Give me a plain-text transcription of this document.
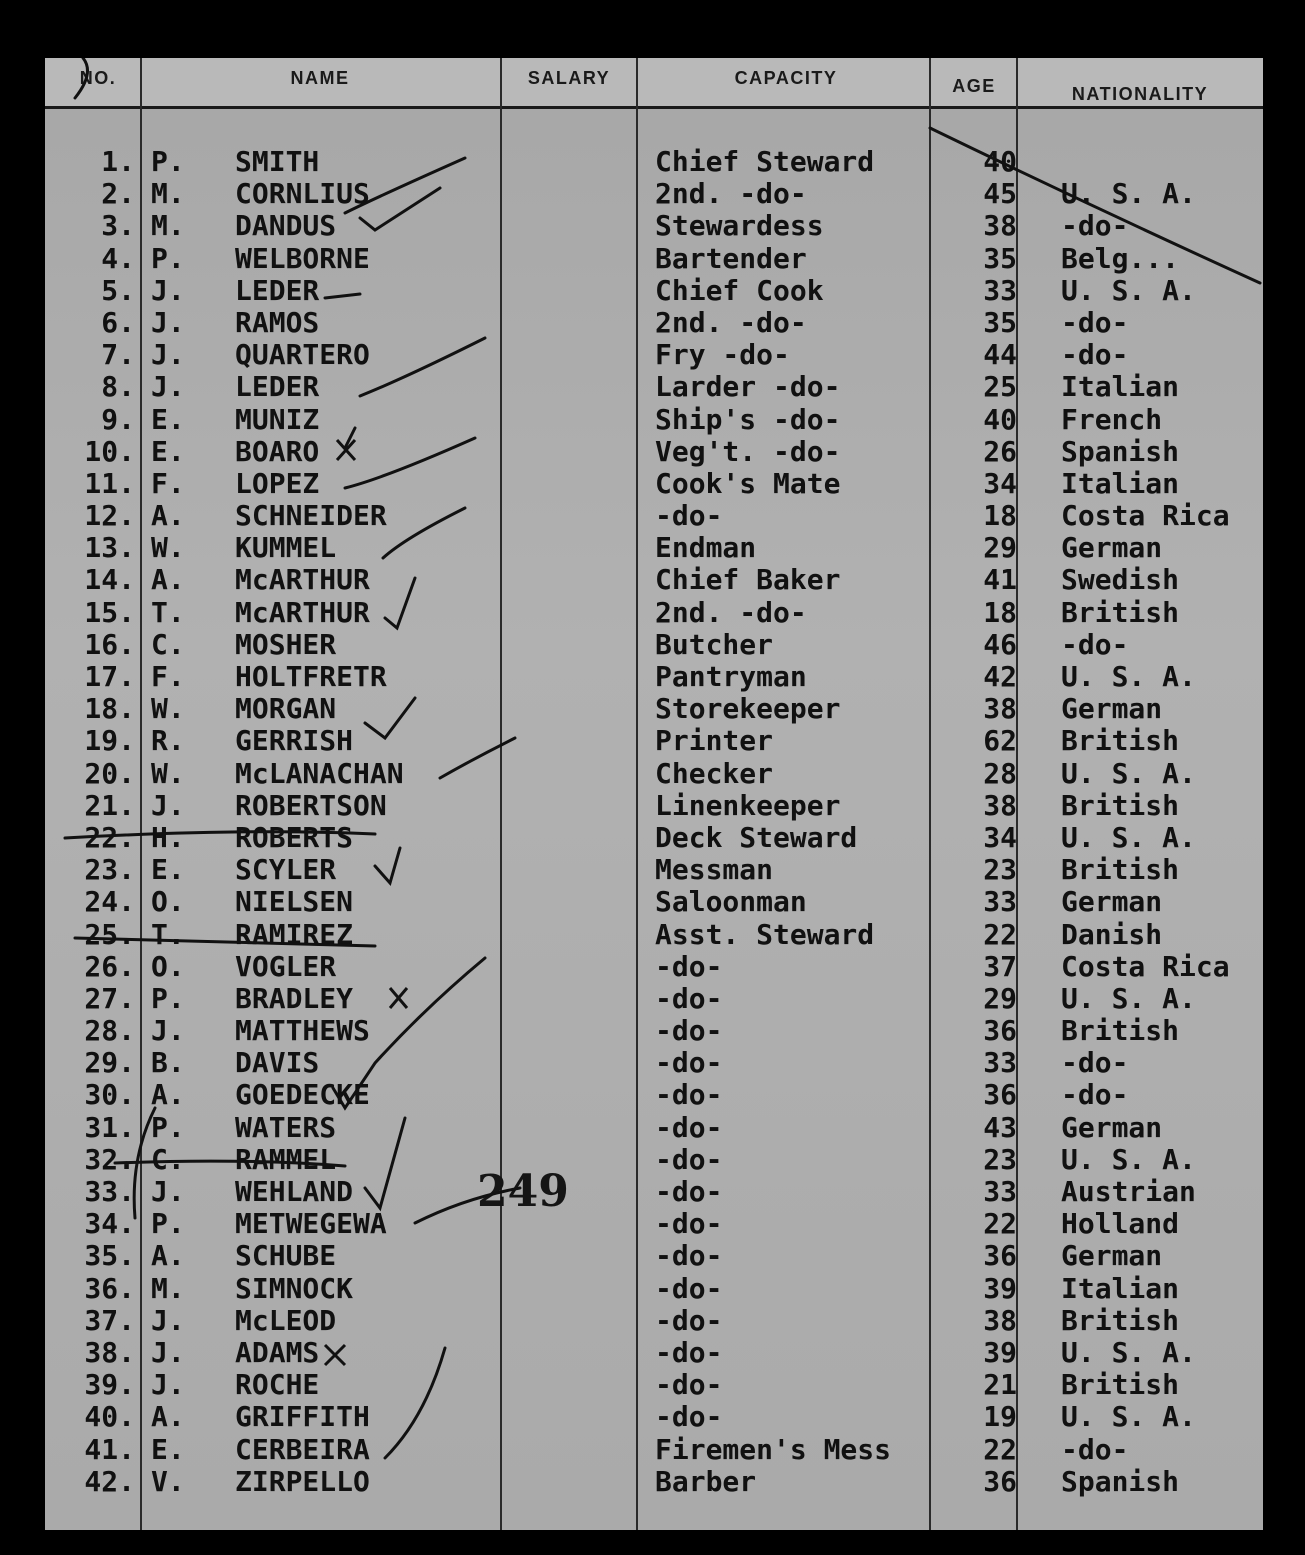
NO.	NAME	SALARY	CAPACITY	AGE	NATIONALITY
1. P. SMITH	Chief Steward	40
2. M. CORNLIUS	2nd. -do-	45 U. S. A.
3. M. DANDUS	Stewardess	38 -do-
4. P. WELBORNE	Bartender	35 Belg...
5. J. LEDER	Chief Cook	33 U. S. A.
6. J. RAMOS	2nd. -do-	35 -do-
7. J. QUARTERO	Fry -do-	44 -do-
8. J. LEDER	Larder -do-	25 Italian
9. E. MUNIZ	Ship's -do-	40 French
10. E. BOARO	Veg't. -do-	26 Spanish
11. F. LOPEZ	Cook's Mate	34 Italian
12. A. SCHNEIDER	-do-	18 Costa Rica
13. W. KUMMEL	Endman	29 German
14. A. McARTHUR	Chief Baker	41 Swedish
15. T. McARTHUR	2nd. -do-	18 British
16. C. MOSHER	Butcher	46 -do-
17. F. HOLTFRETR	Pantryman	42 U. S. A.
18. W. MORGAN	Storekeeper	38 German
19. R. GERRISH	Printer	62 British
20. W. McLANACHAN	Checker	28 U. S. A.
21. J. ROBERTSON	Linenkeeper	38 British
22. H. ROBERTS	Deck Steward	34 U. S. A.
23. E. SCYLER	Messman	23 British
24. O. NIELSEN	Saloonman	33 German
25. T. RAMIREZ	Asst. Steward	22 Danish
26. O. VOGLER	-do-	37 Costa Rica
27. P. BRADLEY	-do-	29 U. S. A.
28. J. MATTHEWS	-do-	36 British
29. B. DAVIS	-do-	33 -do-
30. A. GOEDECKE	-do-	36 -do-
31. P. WATERS	-do-	43 German
32. C. RAMMEL	-do-	23 U. S. A.
33. J. WEHLAND	-do-	33 Austrian
34. P. METWEGEWA	-do-	22 Holland
35. A. SCHUBE	-do-	36 German
36. M. SIMNOCK	-do-	39 Italian
37. J. McLEOD	-do-	38 British
38. J. ADAMS	-do-	39 U. S. A.
39. J. ROCHE	-do-	21 British
40. A. GRIFFITH	-do-	19 U. S. A.
41. E. CERBEIRA	Firemen's Mess	22 -do-
42. V. ZIRPELLO	Barber	36 Spanish
249
